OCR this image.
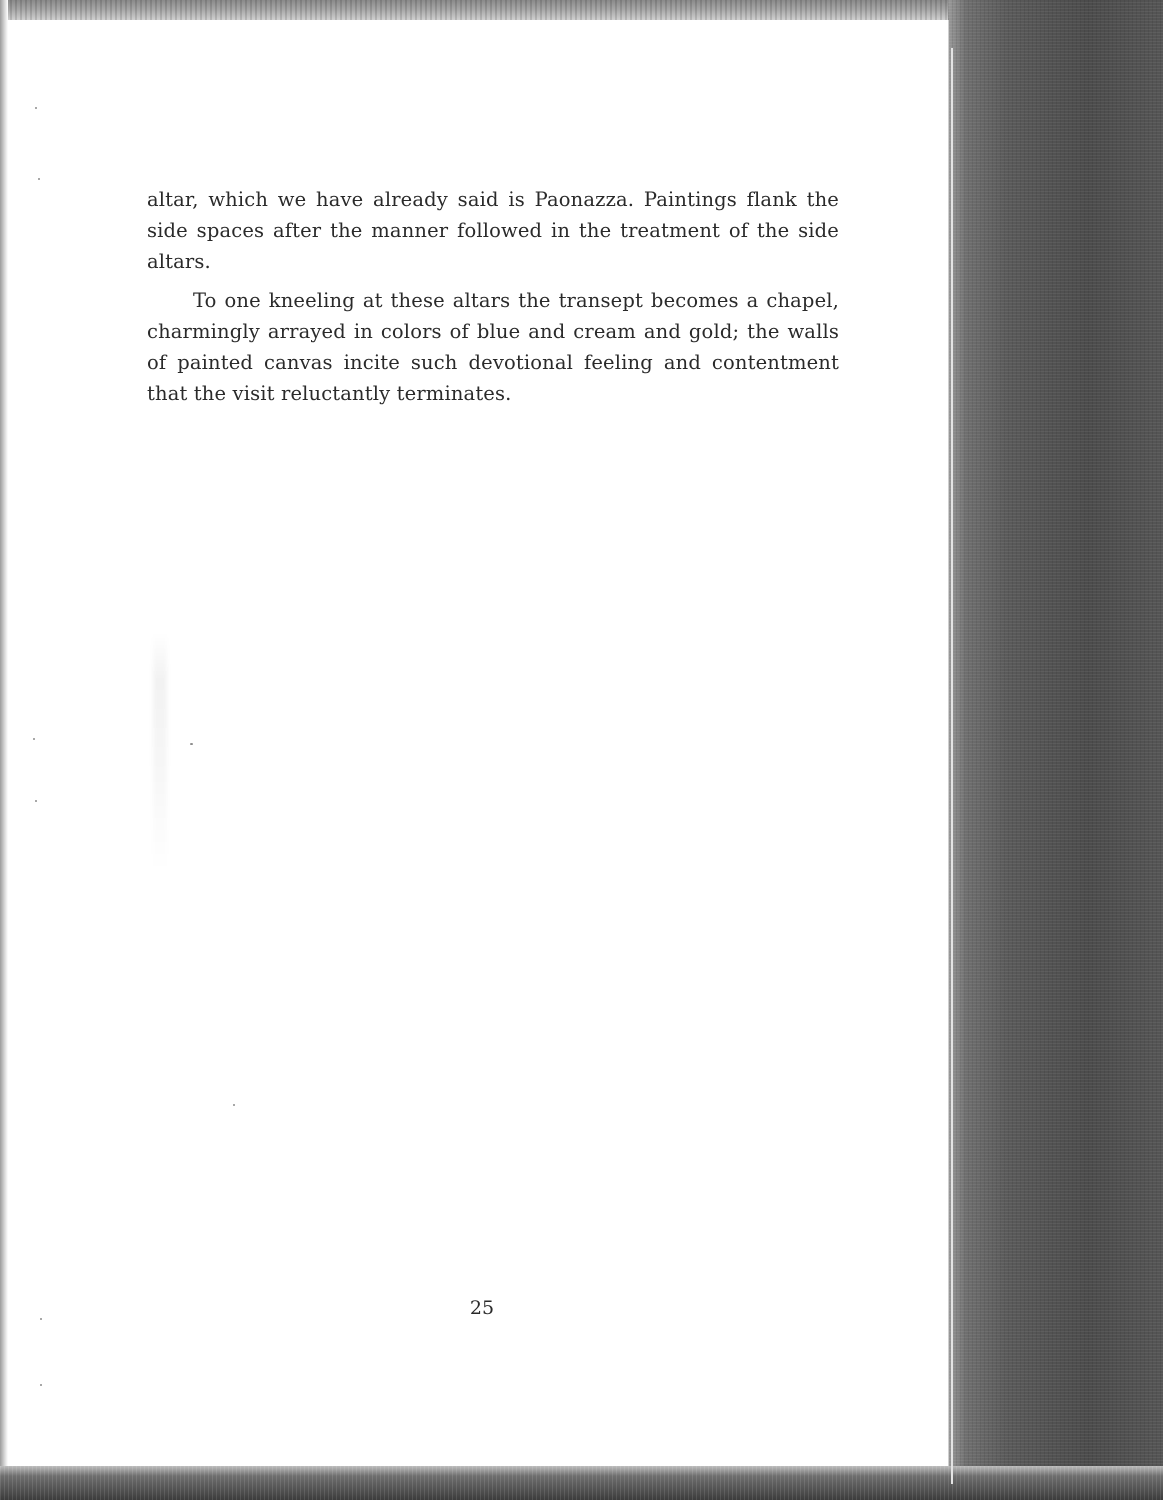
altar, which we have already said is Paonazza. Paintings flank the side spaces after the manner followed in the treatment of the side altars.

To one kneeling at these altars the transept becomes a chapel, charmingly arrayed in colors of blue and cream and gold; the walls of painted canvas incite such devotional feeling and contentment that the visit reluctantly terminates.

25
